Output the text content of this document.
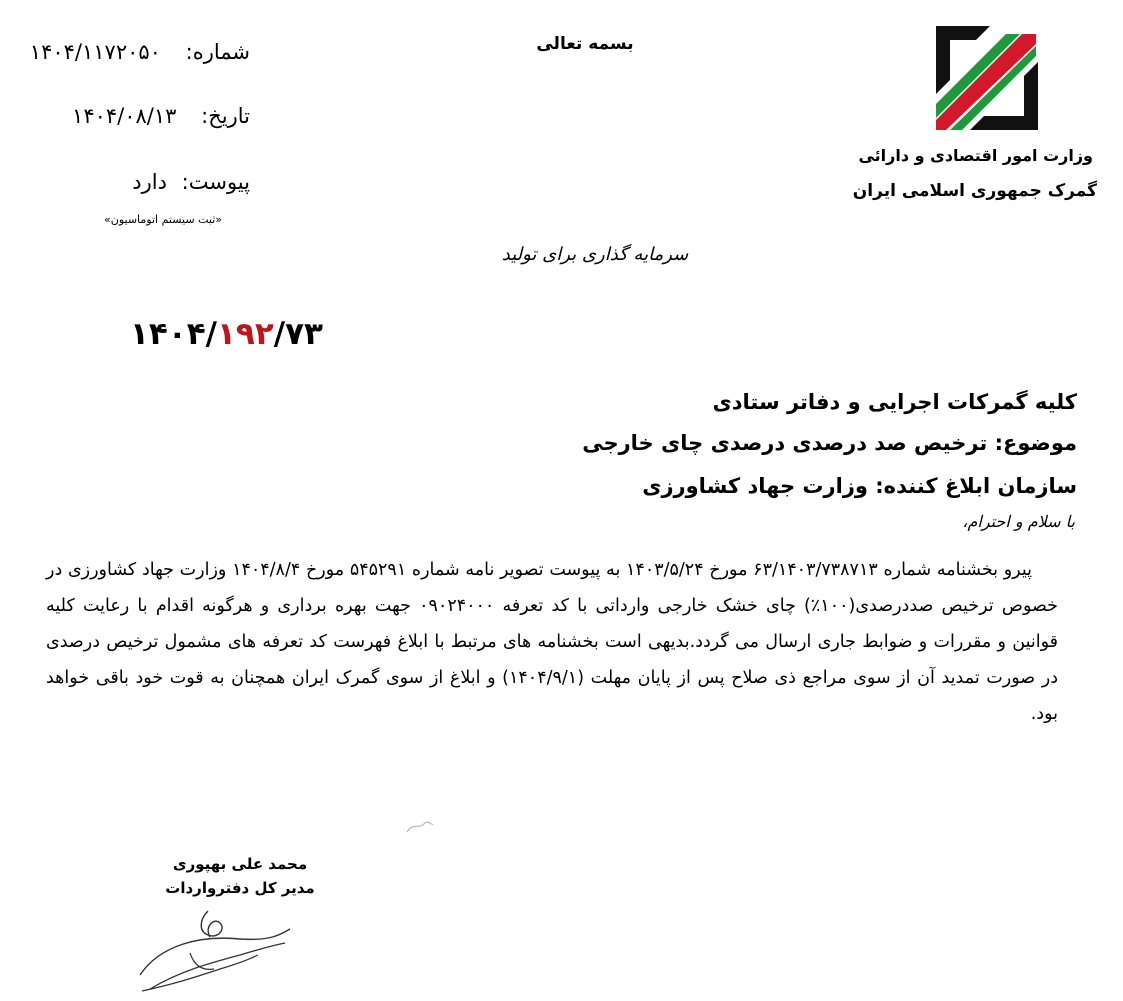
بسمه تعالی
وزارت امور اقتصادی و دارائی
گمرک جمهوری اسلامی ایران
شماره: ۱۴۰۴/۱۱۷۲۰۵۰
تاریخ: ۱۴۰۴/۰۸/۱۳
پیوست: دارد
«ثبت سیستم اتوماسیون»
سرمایه گذاری برای تولید
۱۴۰۴/۱۹۲/۷۳
کلیه گمرکات اجرایی و دفاتر ستادی
موضوع: ترخیص صد درصدی درصدی چای خارجی
سازمان ابلاغ کننده: وزارت جهاد کشاورزی
با سلام و احترام،
پیرو بخشنامه شماره ۶۳/۱۴۰۳/۷۳۸۷۱۳ مورخ ۱۴۰۳/۵/۲۴ به پیوست تصویر نامه شماره ۵۴۵۲۹۱ مورخ ۱۴۰۴/۸/۴ وزارت جهاد کشاورزی در خصوص ترخیص صددرصدی(۱۰۰٪) چای خشک خارجی وارداتی با کد تعرفه ۰۹۰۲۴۰۰۰ جهت بهره برداری و هرگونه اقدام با رعایت کلیه قوانین و مقررات و ضوابط جاری ارسال می گردد.بدیهی است بخشنامه های مرتبط با ابلاغ فهرست کد تعرفه های مشمول ترخیص درصدی در صورت تمدید آن از سوی مراجع ذی صلاح پس از پایان مهلت (۱۴۰۴/۹/۱) و ابلاغ از سوی گمرک ایران همچنان به قوت خود باقی خواهد بود.
محمد علی بهپوری
مدیر کل دفترواردات
